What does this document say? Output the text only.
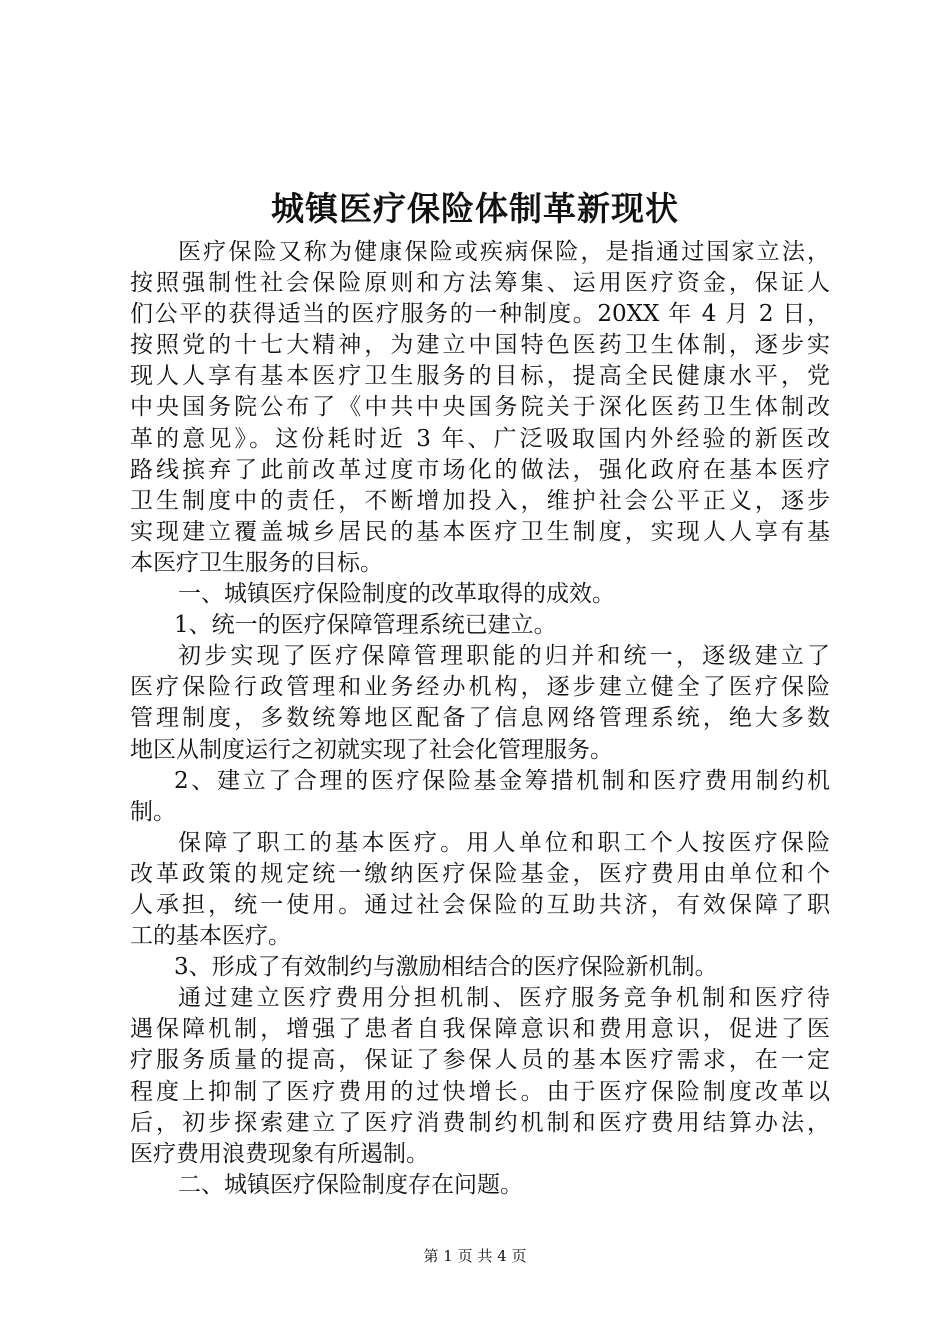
城镇医疗保险体制革新现状
医疗保险又称为健康保险或疾病保险，是指通过国家立法，
按照强制性社会保险原则和方法筹集、运用医疗资金，保证人
们公平的获得适当的医疗服务的一种制度。20XX 年 4 月 2 日，
按照党的十七大精神，为建立中国特色医药卫生体制，逐步实
现人人享有基本医疗卫生服务的目标，提高全民健康水平，党
中央国务院公布了《中共中央国务院关于深化医药卫生体制改
革的意见》。这份耗时近 3 年、广泛吸取国内外经验的新医改
路线摈弃了此前改革过度市场化的做法，强化政府在基本医疗
卫生制度中的责任，不断增加投入，维护社会公平正义，逐步
实现建立覆盖城乡居民的基本医疗卫生制度，实现人人享有基
本医疗卫生服务的目标。
一、城镇医疗保险制度的改革取得的成效。
1、统一的医疗保障管理系统已建立。
初步实现了医疗保障管理职能的归并和统一，逐级建立了
医疗保险行政管理和业务经办机构，逐步建立健全了医疗保险
管理制度，多数统筹地区配备了信息网络管理系统，绝大多数
地区从制度运行之初就实现了社会化管理服务。
2、建立了合理的医疗保险基金筹措机制和医疗费用制约机
制。
保障了职工的基本医疗。用人单位和职工个人按医疗保险
改革政策的规定统一缴纳医疗保险基金，医疗费用由单位和个
人承担，统一使用。通过社会保险的互助共济，有效保障了职
工的基本医疗。
3、形成了有效制约与激励相结合的医疗保险新机制。
通过建立医疗费用分担机制、医疗服务竞争机制和医疗待
遇保障机制，增强了患者自我保障意识和费用意识，促进了医
疗服务质量的提高，保证了参保人员的基本医疗需求，在一定
程度上抑制了医疗费用的过快增长。由于医疗保险制度改革以
后，初步探索建立了医疗消费制约机制和医疗费用结算办法，
医疗费用浪费现象有所遏制。
二、城镇医疗保险制度存在问题。
第 1 页 共 4 页
